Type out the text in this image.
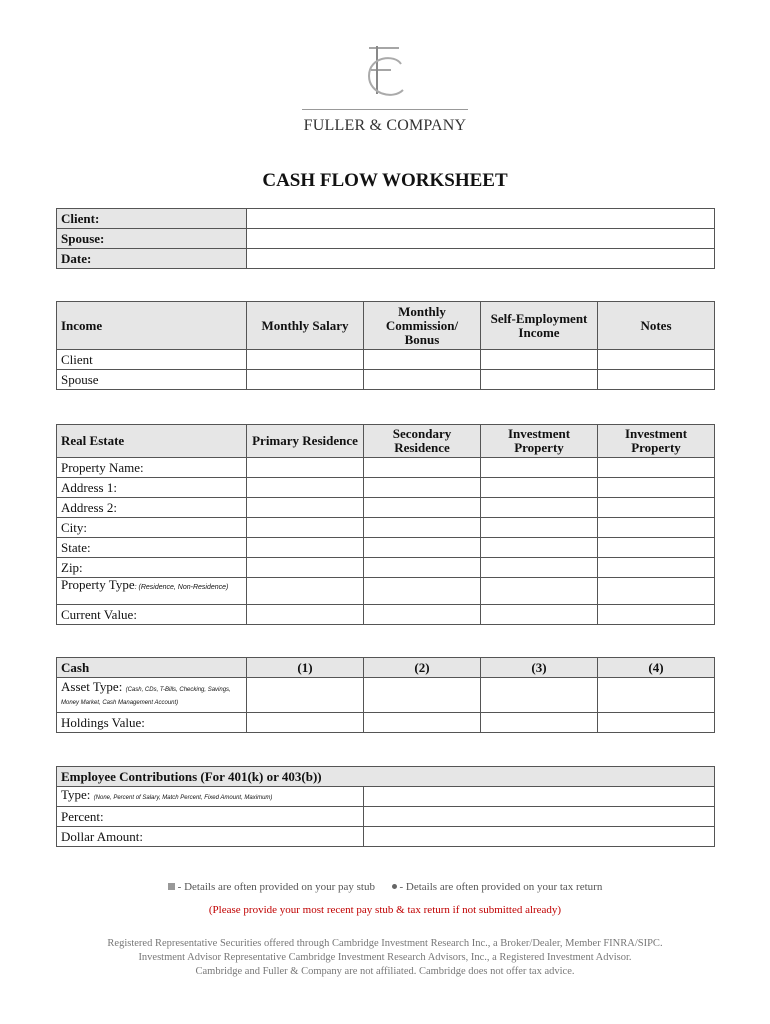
FULLER & COMPANY
CASH FLOW WORKSHEET
Client:	
Spouse:	
Date:	
Income	Monthly Salary	Monthly Commission/ Bonus	Self-Employment Income	Notes
Client				
Spouse				
Real Estate	Primary Residence	Secondary Residence	Investment Property	Investment Property
Property Name:				
Address 1:				
Address 2:				
City:				
State:				
Zip:				
Property Type: (Residence, Non-Residence)				
Current Value:				
Cash	(1)	(2)	(3)	(4)
Asset Type: (Cash, CDs, T-Bills, Checking, Savings, Money Market, Cash Management Account)				
Holdings Value:				
Employee Contributions (For 401(k) or 403(b))	
Type: (None, Percent of Salary, Match Percent, Fixed Amount, Maximum)	
Percent:	
Dollar Amount:	
- Details are often provided on your pay stub - Details are often provided on your tax return
(Please provide your most recent pay stub & tax return if not submitted already)
Registered Representative Securities offered through Cambridge Investment Research Inc., a Broker/Dealer, Member FINRA/SIPC.
Investment Advisor Representative Cambridge Investment Research Advisors, Inc., a Registered Investment Advisor.
Cambridge and Fuller & Company are not affiliated. Cambridge does not offer tax advice.
